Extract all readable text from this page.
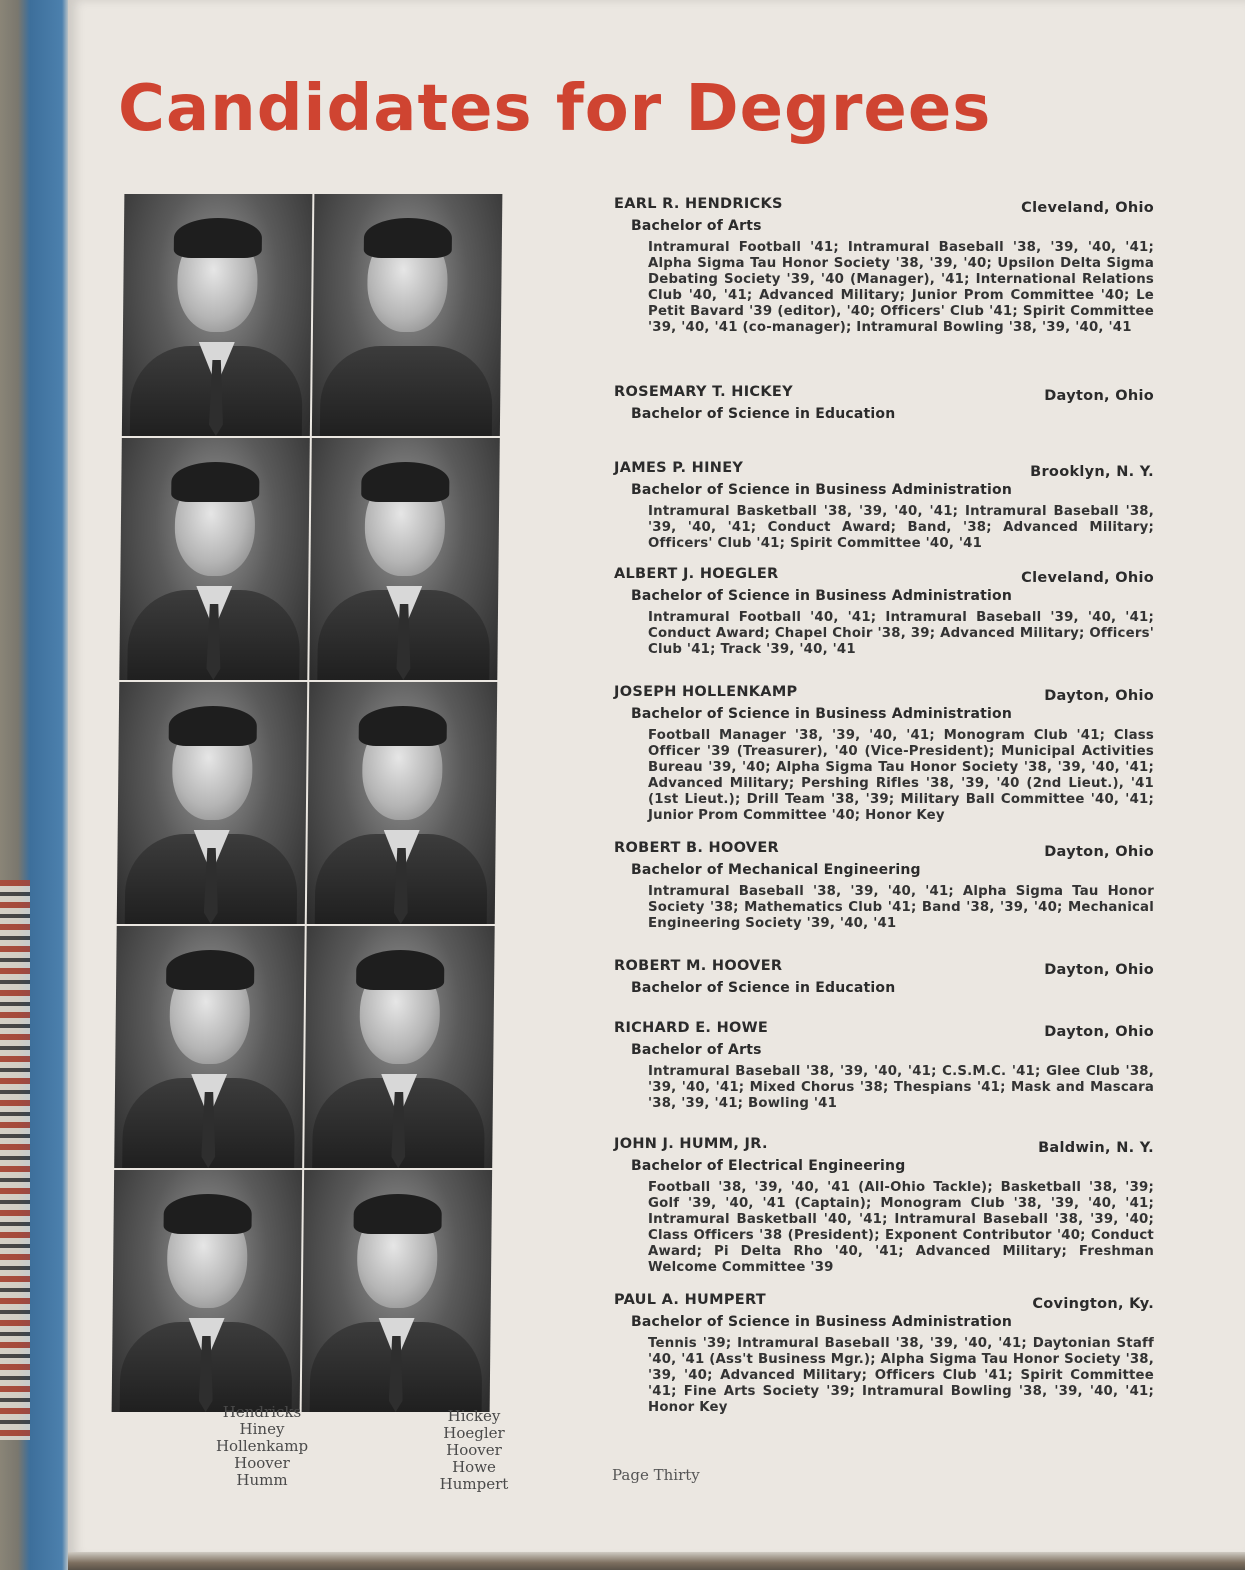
Candidates for Degrees
Hendricks
Hiney
Hollenkamp
Hoover
Humm
Hickey
Hoegler
Hoover
Howe
Humpert
EARL R. HENDRICKS	Cleveland, Ohio
Bachelor of Arts
Intramural Football '41; Intramural Baseball '38, '39, '40, '41; Alpha Sigma Tau Honor Society '38, '39, '40; Upsilon Delta Sigma Debating Society '39, '40 (Manager), '41; International Relations Club '40, '41; Advanced Military; Junior Prom Committee '40; Le Petit Bavard '39 (editor), '40; Officers' Club '41; Spirit Committee '39, '40, '41 (co-manager); Intramural Bowling '38, '39, '40, '41
ROSEMARY T. HICKEY	Dayton, Ohio
Bachelor of Science in Education
JAMES P. HINEY	Brooklyn, N. Y.
Bachelor of Science in Business Administration
Intramural Basketball '38, '39, '40, '41; Intramural Baseball '38, '39, '40, '41; Conduct Award; Band, '38; Advanced Military; Officers' Club '41; Spirit Committee '40, '41
ALBERT J. HOEGLER	Cleveland, Ohio
Bachelor of Science in Business Administration
Intramural Football '40, '41; Intramural Baseball '39, '40, '41; Conduct Award; Chapel Choir '38, 39; Advanced Military; Officers' Club '41; Track '39, '40, '41
JOSEPH HOLLENKAMP	Dayton, Ohio
Bachelor of Science in Business Administration
Football Manager '38, '39, '40, '41; Monogram Club '41; Class Officer '39 (Treasurer), '40 (Vice-President); Municipal Activities Bureau '39, '40; Alpha Sigma Tau Honor Society '38, '39, '40, '41; Advanced Military; Pershing Rifles '38, '39, '40 (2nd Lieut.), '41 (1st Lieut.); Drill Team '38, '39; Military Ball Committee '40, '41; Junior Prom Committee '40; Honor Key
ROBERT B. HOOVER	Dayton, Ohio
Bachelor of Mechanical Engineering
Intramural Baseball '38, '39, '40, '41; Alpha Sigma Tau Honor Society '38; Mathematics Club '41; Band '38, '39, '40; Mechanical Engineering Society '39, '40, '41
ROBERT M. HOOVER	Dayton, Ohio
Bachelor of Science in Education
RICHARD E. HOWE	Dayton, Ohio
Bachelor of Arts
Intramural Baseball '38, '39, '40, '41; C.S.M.C. '41; Glee Club '38, '39, '40, '41; Mixed Chorus '38; Thespians '41; Mask and Mascara '38, '39, '41; Bowling '41
JOHN J. HUMM, JR.	Baldwin, N. Y.
Bachelor of Electrical Engineering
Football '38, '39, '40, '41 (All-Ohio Tackle); Basketball '38, '39; Golf '39, '40, '41 (Captain); Monogram Club '38, '39, '40, '41; Intramural Basketball '40, '41; Intramural Baseball '38, '39, '40; Class Officers '38 (President); Exponent Contributor '40; Conduct Award; Pi Delta Rho '40, '41; Advanced Military; Freshman Welcome Committee '39
PAUL A. HUMPERT	Covington, Ky.
Bachelor of Science in Business Administration
Tennis '39; Intramural Baseball '38, '39, '40, '41; Daytonian Staff '40, '41 (Ass't Business Mgr.); Alpha Sigma Tau Honor Society '38, '39, '40; Advanced Military; Officers Club '41; Spirit Committee '41; Fine Arts Society '39; Intramural Bowling '38, '39, '40, '41; Honor Key
Page Thirty
